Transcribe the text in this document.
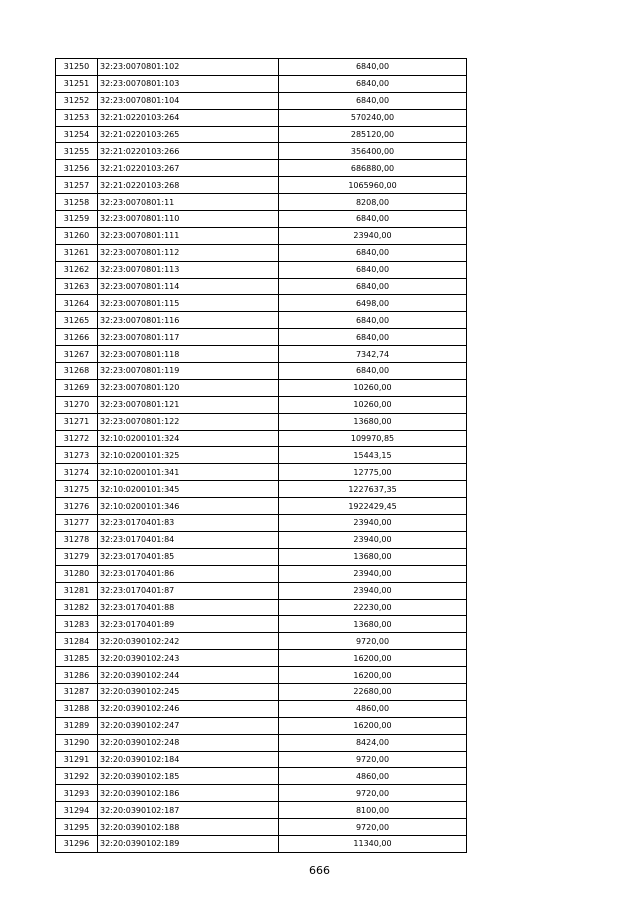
31250	32:23:0070801:102	6840,00
31251	32:23:0070801:103	6840,00
31252	32:23:0070801:104	6840,00
31253	32:21:0220103:264	570240,00
31254	32:21:0220103:265	285120,00
31255	32:21:0220103:266	356400,00
31256	32:21:0220103:267	686880,00
31257	32:21:0220103:268	1065960,00
31258	32:23:0070801:11	8208,00
31259	32:23:0070801:110	6840,00
31260	32:23:0070801:111	23940,00
31261	32:23:0070801:112	6840,00
31262	32:23:0070801:113	6840,00
31263	32:23:0070801:114	6840,00
31264	32:23:0070801:115	6498,00
31265	32:23:0070801:116	6840,00
31266	32:23:0070801:117	6840,00
31267	32:23:0070801:118	7342,74
31268	32:23:0070801:119	6840,00
31269	32:23:0070801:120	10260,00
31270	32:23:0070801:121	10260,00
31271	32:23:0070801:122	13680,00
31272	32:10:0200101:324	109970,85
31273	32:10:0200101:325	15443,15
31274	32:10:0200101:341	12775,00
31275	32:10:0200101:345	1227637,35
31276	32:10:0200101:346	1922429,45
31277	32:23:0170401:83	23940,00
31278	32:23:0170401:84	23940,00
31279	32:23:0170401:85	13680,00
31280	32:23:0170401:86	23940,00
31281	32:23:0170401:87	23940,00
31282	32:23:0170401:88	22230,00
31283	32:23:0170401:89	13680,00
31284	32:20:0390102:242	9720,00
31285	32:20:0390102:243	16200,00
31286	32:20:0390102:244	16200,00
31287	32:20:0390102:245	22680,00
31288	32:20:0390102:246	4860,00
31289	32:20:0390102:247	16200,00
31290	32:20:0390102:248	8424,00
31291	32:20:0390102:184	9720,00
31292	32:20:0390102:185	4860,00
31293	32:20:0390102:186	9720,00
31294	32:20:0390102:187	8100,00
31295	32:20:0390102:188	9720,00
31296	32:20:0390102:189	11340,00
666
